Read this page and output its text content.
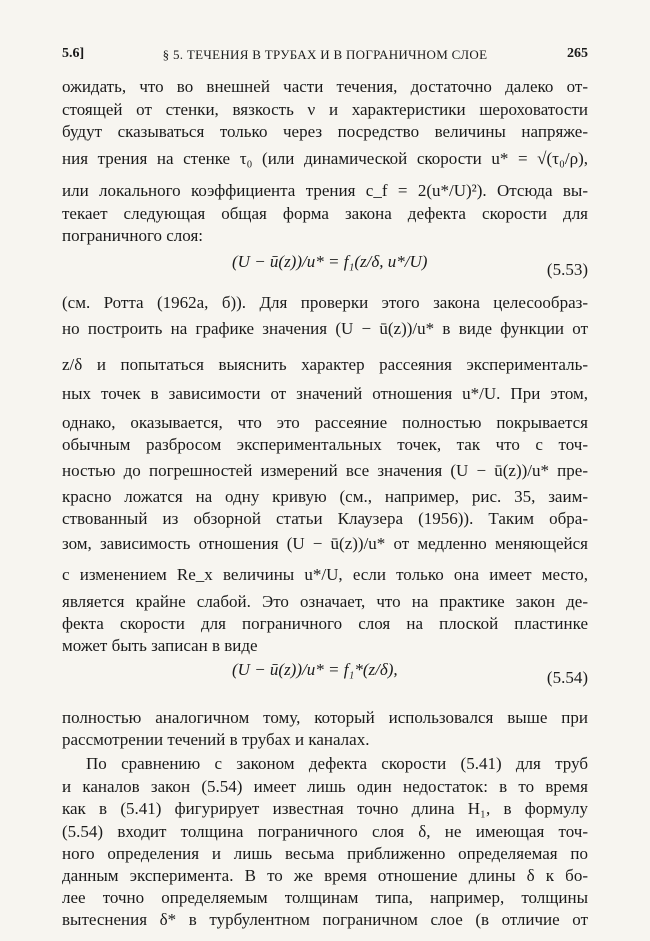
5.6]	§ 5. ТЕЧЕНИЯ В ТРУБАХ И В ПОГРАНИЧНОМ СЛОЕ	265
ожидать, что во внешней части течения, достаточно далеко от-
стоящей от стенки, вязкость ν и характеристики шероховатости
будут сказываться только через посредство величины напряже-
ния трения на стенке τ₀ (или динамической скорости u* = √(τ₀/ρ),
или локального коэффициента трения c_f = 2(u*/U)²). Отсюда вы-
текает следующая общая форма закона дефекта скорости для
пограничного слоя:
(U − ū(z))/u* = f₁(z/δ, u*/U)	(5.53)
(см. Ротта (1962а, б)). Для проверки этого закона целесообраз-
но построить на графике значения (U − ū(z))/u* в виде функции от
z/δ и попытаться выяснить характер рассеяния эксперименталь-
ных точек в зависимости от значений отношения u*/U. При этом,
однако, оказывается, что это рассеяние полностью покрывается
обычным разбросом экспериментальных точек, так что с точ-
ностью до погрешностей измерений все значения (U − ū(z))/u* пре-
красно ложатся на одну кривую (см., например, рис. 35, заим-
ствованный из обзорной статьи Клаузера (1956)). Таким обра-
зом, зависимость отношения (U − ū(z))/u* от медленно меняющейся
с изменением Re_x величины u*/U, если только она имеет место,
является крайне слабой. Это означает, что на практике закон де-
фекта скорости для пограничного слоя на плоской пластинке
может быть записан в виде
(U − ū(z))/u* = f₁*(z/δ),	(5.54)
полностью аналогичном тому, который использовался выше при
рассмотрении течений в трубах и каналах.
По сравнению с законом дефекта скорости (5.41) для труб
и каналов закон (5.54) имеет лишь один недостаток: в то время
как в (5.41) фигурирует известная точно длина H₁, в формулу
(5.54) входит толщина пограничного слоя δ, не имеющая точ-
ного определения и лишь весьма приближенно определяемая по
данным эксперимента. В то же время отношение длины δ к бо-
лее точно определяемым толщинам типа, например, толщины
вытеснения δ* в турбулентном пограничном слое (в отличие от
